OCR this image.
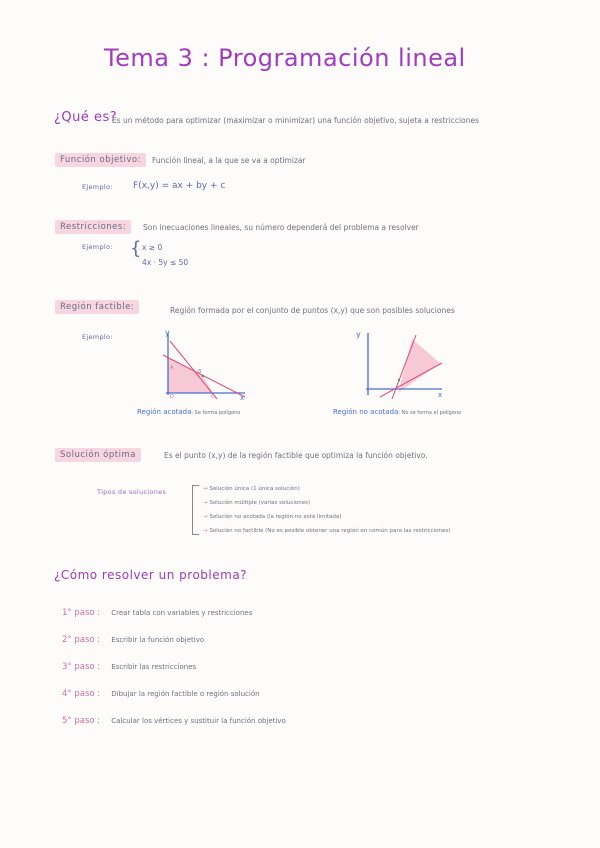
Tema 3 : Programación lineal
¿Qué es?
Es un método para optimizar (maximizar o minimizar) una función objetivo, sujeta a restricciones
Función objetivo:	Función lineal, a la que se va a optimizar
Ejemplo: F(x,y) = ax + by + c
Restricciones:	Son inecuaciones lineales, su número dependerá del problema a resolver
Ejemplo: { x ≥ 0
4x · 5y ≤ 50
Región factible:	Región formada por el conjunto de puntos (x,y) que son posibles soluciones
Ejemplo:	y
x
A
B
C
D
Región acotada: Se forma polígono
y
x
Región no acotada: No se forma el polígono
Solución óptima	Es el punto (x,y) de la región factible que optimiza la función objetivo.
Tipos de soluciones	→ Solución única (1 única solución)
→ Solución múltiple (varias soluciones)
→ Solución no acotada (la región no está limitada)
→ Solución no factible (No es posible obtener una región en común para las restricciones)
¿Cómo resolver un problema?
1° paso : Crear tabla con variables y restricciones
2° paso : Escribir la función objetivo
3° paso : Escribir las restricciones
4° paso : Dibujar la región factible o región solución
5° paso : Calcular los vértices y sustituir la función objetivo
